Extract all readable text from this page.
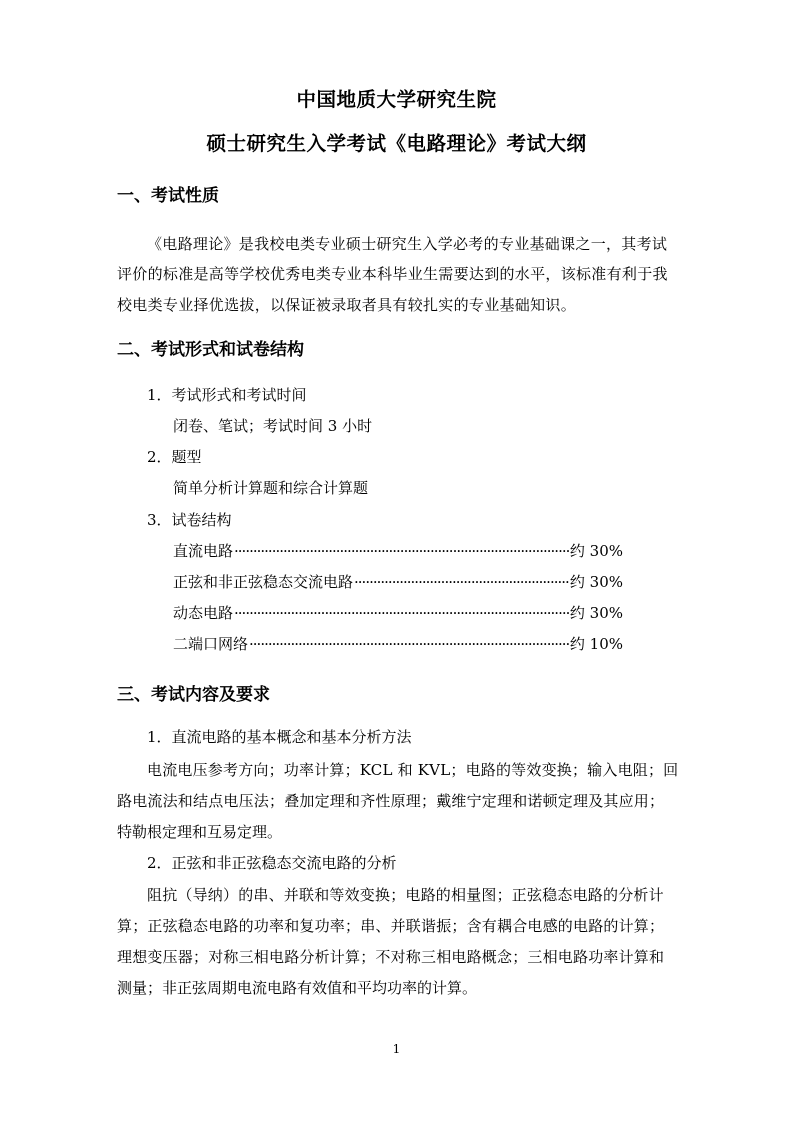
中国地质大学研究生院
硕士研究生入学考试《电路理论》考试大纲
一、考试性质
《电路理论》是我校电类专业硕士研究生入学必考的专业基础课之一，其考试
评价的标准是高等学校优秀电类专业本科毕业生需要达到的水平，该标准有利于我
校电类专业择优选拔，以保证被录取者具有较扎实的专业基础知识。
二、考试形式和试卷结构
1．考试形式和考试时间
闭卷、笔试；考试时间 3 小时
2．题型
简单分析计算题和综合计算题
3．试卷结构
直流电路 ·····	约 30%
正弦和非正弦稳态交流电路 ·····	约 30%
动态电路 ·····	约 30%
二端口网络 ·····	约 10%
三、考试内容及要求
1．直流电路的基本概念和基本分析方法
电流电压参考方向；功率计算；KCL 和 KVL；电路的等效变换；输入电阻；回
路电流法和结点电压法；叠加定理和齐性原理；戴维宁定理和诺顿定理及其应用；
特勒根定理和互易定理。
2．正弦和非正弦稳态交流电路的分析
阻抗（导纳）的串、并联和等效变换；电路的相量图；正弦稳态电路的分析计
算；正弦稳态电路的功率和复功率；串、并联谐振；含有耦合电感的电路的计算；
理想变压器；对称三相电路分析计算；不对称三相电路概念；三相电路功率计算和
测量；非正弦周期电流电路有效值和平均功率的计算。
1
